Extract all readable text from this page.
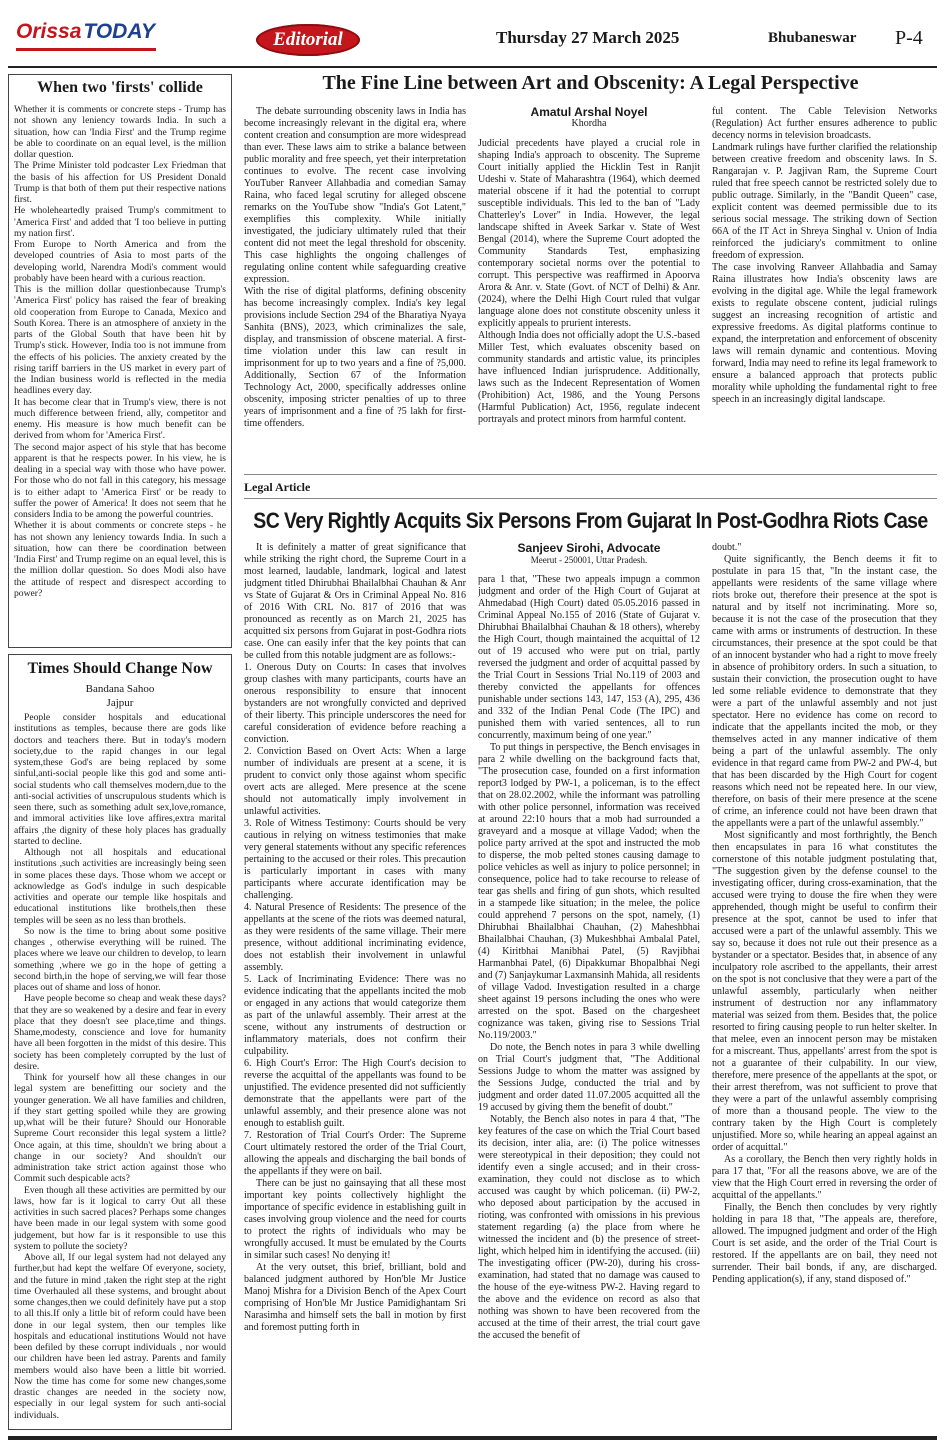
Orissa TODAY	Editorial	Thursday 27 March 2025	Bhubaneswar P-4
When two 'firsts' collide

Whether it is comments or concrete steps - Trump has not shown any leniency towards India. In such a situation, how can 'India First' and the Trump regime be able to coordinate on an equal level, is the million dollar question.

The Prime Minister told podcaster Lex Friedman that the basis of his affection for US President Donald Trump is that both of them put their respective nations first.

He wholeheartedly praised Trump's commitment to 'America First' and added that 'I too believe in putting my nation first'.

From Europe to North America and from the developed countries of Asia to most parts of the developing world, Narendra Modi's comment would probably have been heard with a curious reaction.

This is the million dollar questionbecause Trump's 'America First' policy has raised the fear of breaking old cooperation from Europe to Canada, Mexico and South Korea. There is an atmosphere of anxiety in the parts of the Global South that have been hit by Trump's stick. However, India too is not immune from the effects of his policies. The anxiety created by the rising tariff barriers in the US market in every part of the Indian business world is reflected in the media headlines every day.

It has become clear that in Trump's view, there is not much difference between friend, ally, competitor and enemy. His measure is how much benefit can be derived from whom for 'America First'.

The second major aspect of his style that has become apparent is that he respects power. In his view, he is dealing in a special way with those who have power. For those who do not fall in this category, his message is to either adapt to 'America First' or be ready to suffer the power of America! It does not seem that he considers India to be among the powerful countries.

Whether it is about comments or concrete steps - he has not shown any leniency towards India. In such a situation, how can there be coordination between 'India First' and Trump regime on an equal level, this is the million dollar question. So does Modi also have the attitude of respect and disrespect according to power?

Times Should Change Now
Bandana Sahoo
Jajpur

People consider hospitals and educational institutions as temples, because there are gods like doctors and teachers there. But in today's modern society,due to the rapid changes in our legal system,these God's are being replaced by some sinful,anti-social people like this god and some anti-social students who call themselves modern,due to the anti-social activities of unscrupulous students which is seen there, such as something adult sex,love,romance, and immoral activities like love affires,extra marital affairs ,the dignity of these holy places has gradually started to decline.

Although not all hospitals and educational institutions ,such activities are increasingly being seen in some places these days. Those whom we accept or acknowledge as God's indulge in such despicable activities and operate our temple like hospitals and educational institutions like brothels,then these temples will be seen as no less than brothels.

So now is the time to bring about some positive changes , otherwise everything will be ruined. The places where we leave our children to develop, to learn something ,where we go in the hope of getting a second birth,in the hope of serving,we will fear those places out of shame and loss of honor.

Have people become so cheap and weak these days? that they are so weakened by a desire and fear in every place that they doesn't see place,time and things. Shame,modesty, conscience and love for humanity have all been forgotten in the midst of this desire. This society has been completely corrupted by the lust of desire.

Think for yourself how all these changes in our legal system are benefitting our society and the younger generation. We all have families and children, if they start getting spoiled while they are growing up,what will be their future? Should our Honorable Supreme Court reconsider this legal system a little? Once again, at this time, shouldn't we bring about a change in our society? And shouldn't our administration take strict action against those who Commit such despicable acts?

Even though all these activities are permitted by our laws, how far is it logical to carry Out all these activities in such sacred places? Perhaps some changes have been made in our legal system with some good judgement, but how far is it responsible to use this system to pollute the society?

Above all, If our legal system had not delayed any further,but had kept the welfare Of everyone, society, and the future in mind ,taken the right step at the right time Overhauled all these systems, and brought about some changes,then we could definitely have put a stop to all this.If only a little bit of reform could have been done in our legal system, then our temples like hospitals and educational institutions Would not have been defiled by these corrupt individuals , nor would our children have been led astray. Parents and family members would also have been a little bit worried. Now the time has come for some new changes,some drastic changes are needed in the society now, especially in our legal system for such anti-social individuals.

The Fine Line between Art and Obscenity: A Legal Perspective

The debate surrounding obscenity laws in India has become increasingly relevant in the digital era, where content creation and consumption are more widespread than ever. These laws aim to strike a balance between public morality and free speech, yet their interpretation continues to evolve. The recent case involving YouTuber Ranveer Allahbadia and comedian Samay Raina, who faced legal scrutiny for alleged obscene remarks on the YouTube show "India's Got Latent," exemplifies this complexity. While initially investigated, the judiciary ultimately ruled that their content did not meet the legal threshold for obscenity. This case highlights the ongoing challenges of regulating online content while safeguarding creative expression.

With the rise of digital platforms, defining obscenity has become increasingly complex. India's key legal provisions include Section 294 of the Bharatiya Nyaya Sanhita (BNS), 2023, which criminalizes the sale, display, and transmission of obscene material. A first-time violation under this law can result in imprisonment for up to two years and a fine of ?5,000. Additionally, Section 67 of the Information Technology Act, 2000, specifically addresses online obscenity, imposing stricter penalties of up to three years of imprisonment and a fine of ?5 lakh for first-time offenders.

Amatul Arshal Noyel
Khordha

Judicial precedents have played a crucial role in shaping India's approach to obscenity. The Supreme Court initially applied the Hicklin Test in Ranjit Udeshi v. State of Maharashtra (1964), which deemed material obscene if it had the potential to corrupt susceptible individuals. This led to the ban of "Lady Chatterley's Lover" in India. However, the legal landscape shifted in Aveek Sarkar v. State of West Bengal (2014), where the Supreme Court adopted the Community Standards Test, emphasizing contemporary societal norms over the potential to corrupt. This perspective was reaffirmed in Apoorva Arora & Anr. v. State (Govt. of NCT of Delhi) & Anr. (2024), where the Delhi High Court ruled that vulgar language alone does not constitute obscenity unless it explicitly appeals to prurient interests.

Although India does not officially adopt the U.S.-based Miller Test, which evaluates obscenity based on community standards and artistic value, its principles have influenced Indian jurisprudence. Additionally, laws such as the Indecent Representation of Women (Prohibition) Act, 1986, and the Young Persons (Harmful Publication) Act, 1956, regulate indecent portrayals and protect minors from harmful content.

ful content. The Cable Television Networks (Regulation) Act further ensures adherence to public decency norms in television broadcasts.

Landmark rulings have further clarified the relationship between creative freedom and obscenity laws. In S. Rangarajan v. P. Jagjivan Ram, the Supreme Court ruled that free speech cannot be restricted solely due to public outrage. Similarly, in the "Bandit Queen" case, explicit content was deemed permissible due to its serious social message. The striking down of Section 66A of the IT Act in Shreya Singhal v. Union of India reinforced the judiciary's commitment to online freedom of expression.

The case involving Ranveer Allahbadia and Samay Raina illustrates how India's obscenity laws are evolving in the digital age. While the legal framework exists to regulate obscene content, judicial rulings suggest an increasing recognition of artistic and expressive freedoms. As digital platforms continue to expand, the interpretation and enforcement of obscenity laws will remain dynamic and contentious. Moving forward, India may need to refine its legal framework to ensure a balanced approach that protects public morality while upholding the fundamental right to free speech in an increasingly digital landscape.

Legal Article
SC Very Rightly Acquits Six Persons From Gujarat In Post-Godhra Riots Case

It is definitely a matter of great significance that while striking the right chord, the Supreme Court in a most learned, laudable, landmark, logical and latest judgment titled Dhirubhai Bhailalbhai Chauhan & Anr vs State of Gujarat & Ors in Criminal Appeal No. 816 of 2016 With CRL No. 817 of 2016 that was pronounced as recently as on March 21, 2025 has acquitted six persons from Gujarat in post-Godhra riots case. One can easily infer that the key points that can be culled from this notable judgment are as follows:-

1. Onerous Duty on Courts: In cases that involves group clashes with many participants, courts have an onerous responsibility to ensure that innocent bystanders are not wrongfully convicted and deprived of their liberty. This principle underscores the need for careful consideration of evidence before reaching a conviction.

2. Conviction Based on Overt Acts: When a large number of individuals are present at a scene, it is prudent to convict only those against whom specific overt acts are alleged. Mere presence at the scene should not automatically imply involvement in unlawful activities.

3. Role of Witness Testimony: Courts should be very cautious in relying on witness testimonies that make very general statements without any specific references pertaining to the accused or their roles. This precaution is particularly important in cases with many participants where accurate identification may be challenging.

4. Natural Presence of Residents: The presence of the appellants at the scene of the riots was deemed natural, as they were residents of the same village. Their mere presence, without additional incriminating evidence, does not establish their involvement in unlawful assembly.

5. Lack of Incriminating Evidence: There was no evidence indicating that the appellants incited the mob or engaged in any actions that would categorize them as part of the unlawful assembly. Their arrest at the scene, without any instruments of destruction or inflammatory materials, does not confirm their culpability.

6. High Court's Error: The High Court's decision to reverse the acquittal of the appellants was found to be unjustified. The evidence presented did not sufficiently demonstrate that the appellants were part of the unlawful assembly, and their presence alone was not enough to establish guilt.

7. Restoration of Trial Court's Order: The Supreme Court ultimately restored the order of the Trial Court, allowing the appeals and discharging the bail bonds of the appellants if they were on bail.

There can be just no gainsaying that all these most important key points collectively highlight the importance of specific evidence in establishing guilt in cases involving group violence and the need for courts to protect the rights of individuals who may be wrongfully accused. It must be emulated by the Courts in similar such cases! No denying it!

At the very outset, this brief, brilliant, bold and balanced judgment authored by Hon'ble Mr Justice Manoj Mishra for a Division Bench of the Apex Court comprising of Hon'ble Mr Justice Pamidighantam Sri Narasimha and himself sets the ball in motion by first and foremost putting forth in

Sanjeev Sirohi, Advocate
Meerut - 250001, Uttar Pradesh.

para 1 that, "These two appeals impugn a common judgment and order of the High Court of Gujarat at Ahmedabad (High Court) dated 05.05.2016 passed in Criminal Appeal No.155 of 2016 (State of Gujarat v. Dhirubhai Bhailalbhai Chauhan & 18 others), whereby the High Court, though maintained the acquittal of 12 out of 19 accused who were put on trial, partly reversed the judgment and order of acquittal passed by the Trial Court in Sessions Trial No.119 of 2003 and thereby convicted the appellants for offences punishable under sections 143, 147, 153 (A), 295, 436 and 332 of the Indian Penal Code (The IPC) and punished them with varied sentences, all to run concurrently, maximum being of one year."

To put things in perspective, the Bench envisages in para 2 while dwelling on the background facts that, "The prosecution case, founded on a first information report3 lodged by PW-1, a policeman, is to the effect that on 28.02.2002, while the informant was patrolling with other police personnel, information was received at around 22:10 hours that a mob had surrounded a graveyard and a mosque at village Vadod; when the police party arrived at the spot and instructed the mob to disperse, the mob pelted stones causing damage to police vehicles as well as injury to police personnel; in consequence, police had to take recourse to release of tear gas shells and firing of gun shots, which resulted in a stampede like situation; in the melee, the police could apprehend 7 persons on the spot, namely, (1) Dhirubhai Bhailalbhai Chauhan, (2) Maheshbhai Bhailalbhai Chauhan, (3) Mukeshbhai Ambalal Patel, (4) Kiritbhai Manibhai Patel, (5) Ravjibhai Harmanbhai Patel, (6) Dipakkumar Bhopalbhai Negi and (7) Sanjaykumar Laxmansinh Mahida, all residents of village Vadod. Investigation resulted in a charge sheet against 19 persons including the ones who were arrested on the spot. Based on the chargesheet cognizance was taken, giving rise to Sessions Trial No.119/2003."

Do note, the Bench notes in para 3 while dwelling on Trial Court's judgment that, "The Additional Sessions Judge to whom the matter was assigned by the Sessions Judge, conducted the trial and by judgment and order dated 11.07.2005 acquitted all the 19 accused by giving them the benefit of doubt."

Notably, the Bench also notes in para 4 that, "The key features of the case on which the Trial Court based its decision, inter alia, are: (i) The police witnesses were stereotypical in their deposition; they could not identify even a single accused; and in their cross-examination, they could not disclose as to which accused was caught by which policeman. (ii) PW-2, who deposed about participation by the accused in rioting, was confronted with omissions in his previous statement regarding (a) the place from where he witnessed the incident and (b) the presence of street-light, which helped him in identifying the accused. (iii) The investigating officer (PW-20), during his cross-examination, had stated that no damage was caused to the house of the eye-witness PW-2. Having regard to the above and the evidence on record as also that nothing was shown to have been recovered from the accused at the time of their arrest, the trial court gave the accused the benefit of

doubt."

Quite significantly, the Bench deems it fit to postulate in para 15 that, "In the instant case, the appellants were residents of the same village where riots broke out, therefore their presence at the spot is natural and by itself not incriminating. More so, because it is not the case of the prosecution that they came with arms or instruments of destruction. In these circumstances, their presence at the spot could be that of an innocent bystander who had a right to move freely in absence of prohibitory orders. In such a situation, to sustain their conviction, the prosecution ought to have led some reliable evidence to demonstrate that they were a part of the unlawful assembly and not just spectator. Here no evidence has come on record to indicate that the appellants incited the mob, or they themselves acted in any manner indicative of them being a part of the unlawful assembly. The only evidence in that regard came from PW-2 and PW-4, but that has been discarded by the High Court for cogent reasons which need not be repeated here. In our view, therefore, on basis of their mere presence at the scene of crime, an inference could not have been drawn that the appellants were a part of the unlawful assembly."

Most significantly and most forthrightly, the Bench then encapsulates in para 16 what constitutes the cornerstone of this notable judgment postulating that, "The suggestion given by the defense counsel to the investigating officer, during cross-examination, that the accused were trying to douse the fire when they were apprehended, though might be useful to confirm their presence at the spot, cannot be used to infer that accused were a part of the unlawful assembly. This we say so, because it does not rule out their presence as a bystander or a spectator. Besides that, in absence of any inculpatory role ascribed to the appellants, their arrest on the spot is not conclusive that they were a part of the unlawful assembly, particularly when neither instrument of destruction nor any inflammatory material was seized from them. Besides that, the police resorted to firing causing people to run helter skelter. In that melee, even an innocent person may be mistaken for a miscreant. Thus, appellants' arrest from the spot is not a guarantee of their culpability. In our view, therefore, mere presence of the appellants at the spot, or their arrest therefrom, was not sufficient to prove that they were a part of the unlawful assembly comprising of more than a thousand people. The view to the contrary taken by the High Court is completely unjustified. More so, while hearing an appeal against an order of acquittal."

As a corollary, the Bench then very rightly holds in para 17 that, "For all the reasons above, we are of the view that the High Court erred in reversing the order of acquittal of the appellants."

Finally, the Bench then concludes by very rightly holding in para 18 that, "The appeals are, therefore, allowed. The impugned judgment and order of the High Court is set aside, and the order of the Trial Court is restored. If the appellants are on bail, they need not surrender. Their bail bonds, if any, are discharged. Pending application(s), if any, stand disposed of."
